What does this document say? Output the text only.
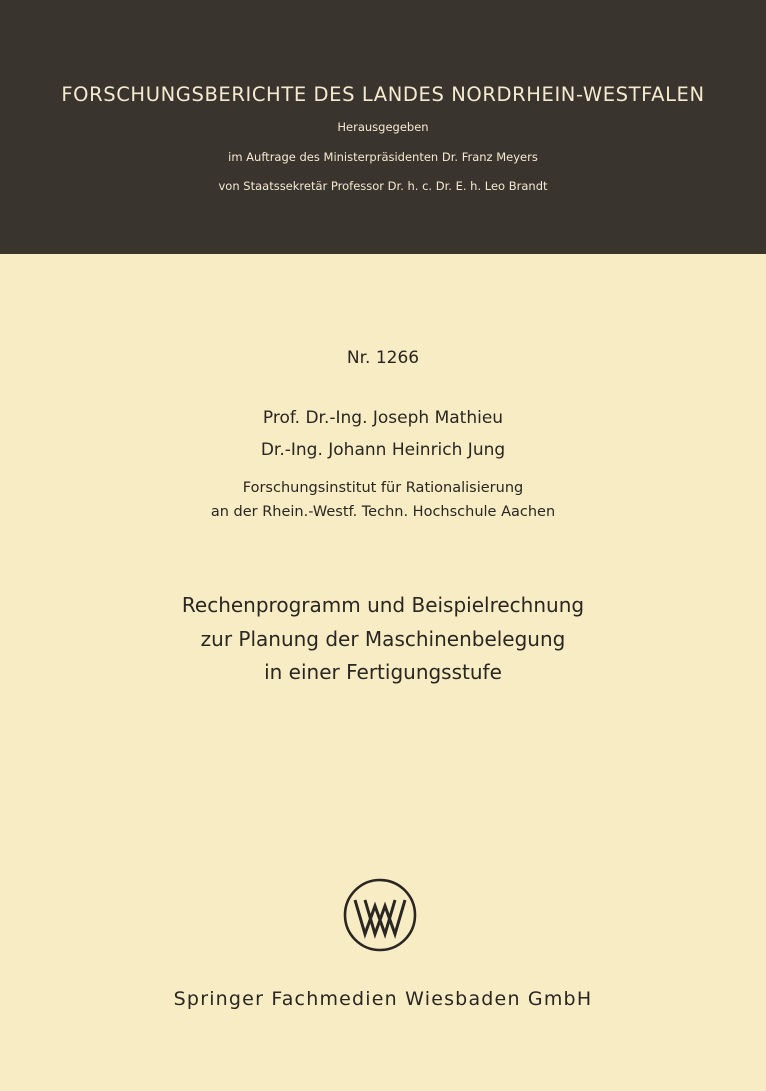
FORSCHUNGSBERICHTE DES LANDES NORDRHEIN-WESTFALEN
Herausgegeben
im Auftrage des Ministerpräsidenten Dr. Franz Meyers
von Staatssekretär Professor Dr. h. c. Dr. E. h. Leo Brandt
Nr. 1266
Prof. Dr.-Ing. Joseph Mathieu
Dr.-Ing. Johann Heinrich Jung
Forschungsinstitut für Rationalisierung
an der Rhein.-Westf. Techn. Hochschule Aachen
Rechenprogramm und Beispielrechnung
zur Planung der Maschinenbelegung
in einer Fertigungsstufe
Springer Fachmedien Wiesbaden GmbH
